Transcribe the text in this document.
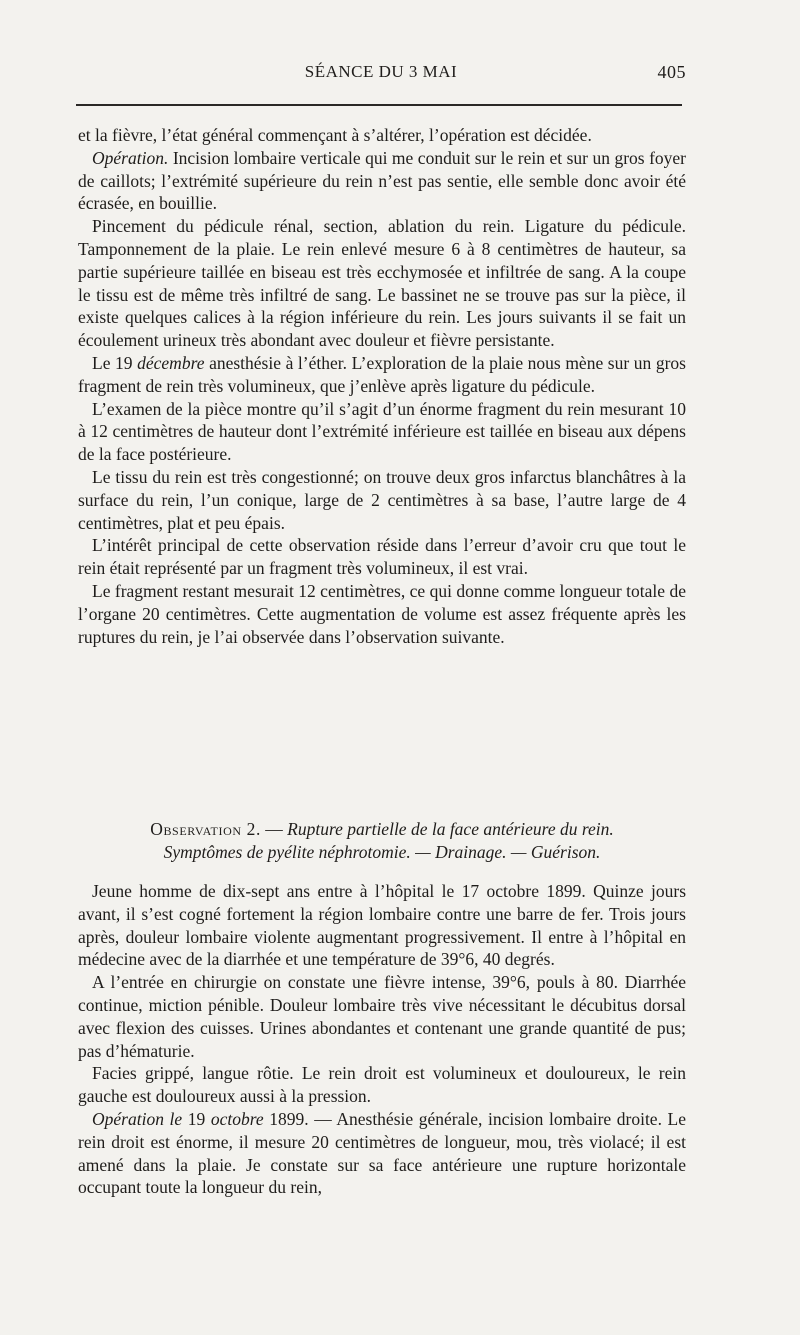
SÉANCE DU 3 MAI	405

et la fièvre, l’état général commençant à s’altérer, l’opération est décidée.

Opération. Incision lombaire verticale qui me conduit sur le rein et sur un gros foyer de caillots; l’extrémité supérieure du rein n’est pas sentie, elle semble donc avoir été écrasée, en bouillie.

Pincement du pédicule rénal, section, ablation du rein. Ligature du pédicule. Tamponnement de la plaie. Le rein enlevé mesure 6 à 8 centimètres de hauteur, sa partie supérieure taillée en biseau est très ecchymosée et infiltrée de sang. A la coupe le tissu est de même très infiltré de sang. Le bassinet ne se trouve pas sur la pièce, il existe quelques calices à la région inférieure du rein. Les jours suivants il se fait un écoulement urineux très abondant avec douleur et fièvre persistante.

Le 19 décembre anesthésie à l’éther. L’exploration de la plaie nous mène sur un gros fragment de rein très volumineux, que j’enlève après ligature du pédicule.

L’examen de la pièce montre qu’il s’agit d’un énorme fragment du rein mesurant 10 à 12 centimètres de hauteur dont l’extrémité inférieure est taillée en biseau aux dépens de la face postérieure.

Le tissu du rein est très congestionné; on trouve deux gros infarctus blanchâtres à la surface du rein, l’un conique, large de 2 centimètres à sa base, l’autre large de 4 centimètres, plat et peu épais.

L’intérêt principal de cette observation réside dans l’erreur d’avoir cru que tout le rein était représenté par un fragment très volumineux, il est vrai.

Le fragment restant mesurait 12 centimètres, ce qui donne comme longueur totale de l’organe 20 centimètres. Cette augmentation de volume est assez fréquente après les ruptures du rein, je l’ai observée dans l’observation suivante.

Observation 2. — Rupture partielle de la face antérieure du rein.
Symptômes de pyélite néphrotomie. — Drainage. — Guérison.

Jeune homme de dix-sept ans entre à l’hôpital le 17 octobre 1899. Quinze jours avant, il s’est cogné fortement la région lombaire contre une barre de fer. Trois jours après, douleur lombaire violente augmentant progressivement. Il entre à l’hôpital en médecine avec de la diarrhée et une température de 39°6, 40 degrés.

A l’entrée en chirurgie on constate une fièvre intense, 39°6, pouls à 80. Diarrhée continue, miction pénible. Douleur lombaire très vive nécessitant le décubitus dorsal avec flexion des cuisses. Urines abondantes et contenant une grande quantité de pus; pas d’hématurie.

Facies grippé, langue rôtie. Le rein droit est volumineux et douloureux, le rein gauche est douloureux aussi à la pression.

Opération le 19 octobre 1899. — Anesthésie générale, incision lombaire droite. Le rein droit est énorme, il mesure 20 centimètres de longueur, mou, très violacé; il est amené dans la plaie. Je constate sur sa face antérieure une rupture horizontale occupant toute la longueur du rein,
